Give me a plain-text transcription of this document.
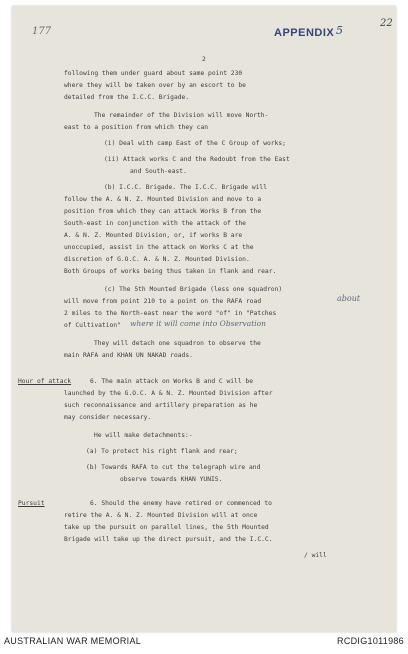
177	APPENDIX 5
22
2
following them under guard about same point 230
where they will be taken over by an escort to be
detailed from the I.C.C. Brigade.
The remainder of the Division will move North-
east to a position from which they can
(i) Deal with camp East of the C Group of works;
(ii) Attack works C and the Redoubt from the East
and South-east.
(b) I.C.C. Brigade. The I.C.C. Brigade will
follow the A. & N. Z. Mounted Division and move to a
position from which they can attack Works B from the
South-east in conjunction with the attack of the
A. & N. Z. Mounted Division, or, if works B are
unoccupied, assist in the attack on Works C at the
discretion of G.O.C. A. & N. Z. Mounted Division.
Both Groups of works being thus taken in flank and rear.
(c) The 5th Mounted Brigade (less one squadron)
will move from point 210 to a point on the RAFA road	about
2 miles to the North-east near the word "of" in "Patches
of Cultivation" where it will come into Observation
They will detach one squadron to observe the
main RAFA and KHAN UN NAKAD roads.
Hour of attack	6. The main attack on Works B and C will be
launched by the G.O.C. A & N. Z. Mounted Division after
such reconnaissance and artillery preparation as he
may consider necessary.
He will make detachments:-
(a) To protect his right flank and rear;
(b) Towards RAFA to cut the telegraph wire and
observe towards KHAN YUNIS.
Pursuit	6. Should the enemy have retired or commenced to
retire the A. & N. Z. Mounted Division will at once
take up the pursuit on parallel lines, the 5th Mounted
Brigade will take up the direct pursuit, and the I.C.C.
/ will
AUSTRALIAN WAR MEMORIAL	RCDIG1011986
